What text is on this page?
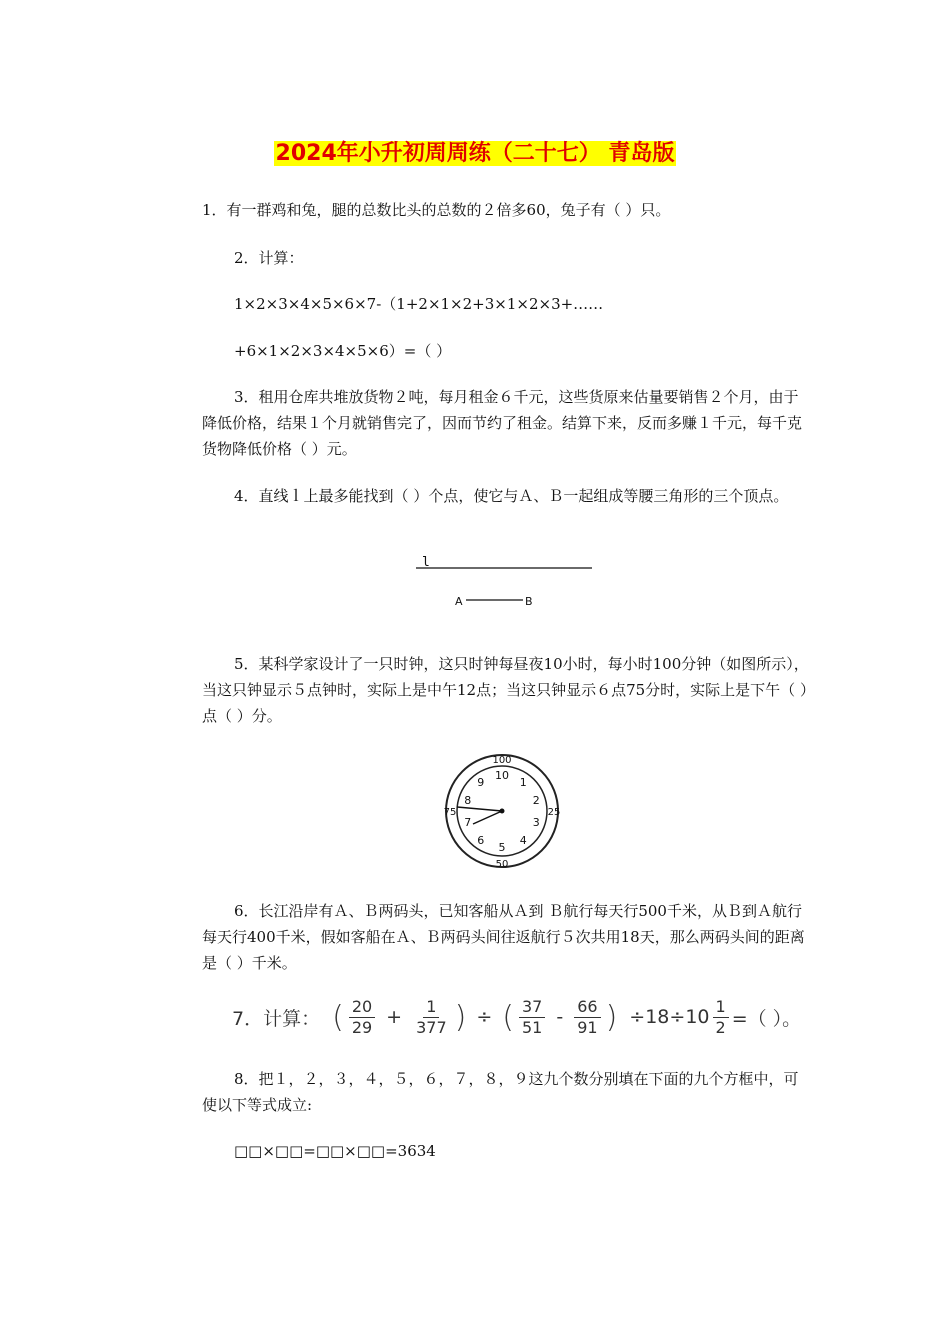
2024年小升初周周练（二十七） 青岛版

1．有一群鸡和兔，腿的总数比头的总数的２倍多60，兔子有（ ）只。

2．计算：

1×2×3×4×5×6×7-（1+2×1×2+3×1×2×3+……

+6×1×2×3×4×5×6）=（ ）

3．租用仓库共堆放货物２吨，每月租金６千元，这些货原来估量要销售２个月，由于降低价格，结果１个月就销售完了，因而节约了租金。结算下来，反而多赚１千元，每千克货物降低价格（ ）元。

4．直线ｌ上最多能找到（ ）个点，使它与Ａ、Ｂ一起组成等腰三角形的三个顶点。

l
A	B

5．某科学家设计了一只时钟，这只时钟每昼夜10小时，每小时100分钟（如图所示），当这只钟显示５点钟时，实际上是中午12点；当这只钟显示６点75分时，实际上是下午（ ）点（ ）分。

10
1
2
3
4
5
6
7
8
9
100
25
50
75

6．长江沿岸有Ａ、Ｂ两码头，已知客船从Ａ到 Ｂ航行每天行500千米，从Ｂ到Ａ航行每天行400千米，假如客船在Ａ、Ｂ两码头间往返航行５次共用18天，那么两码头间的距离是（ ）千米。

7．计算： ( $\frac{20}{29} + \frac{1}{377}$ ) ÷ ( $\frac{37}{51} - \frac{66}{91}$ ) $\div 18\div 10 \frac{1}{2}$ =（ ）。

8．把１，２，３，４，５，６，７，８，９这九个数分别填在下面的九个方框中，可使以下等式成立:

□□×□□=□□×□□=3634
